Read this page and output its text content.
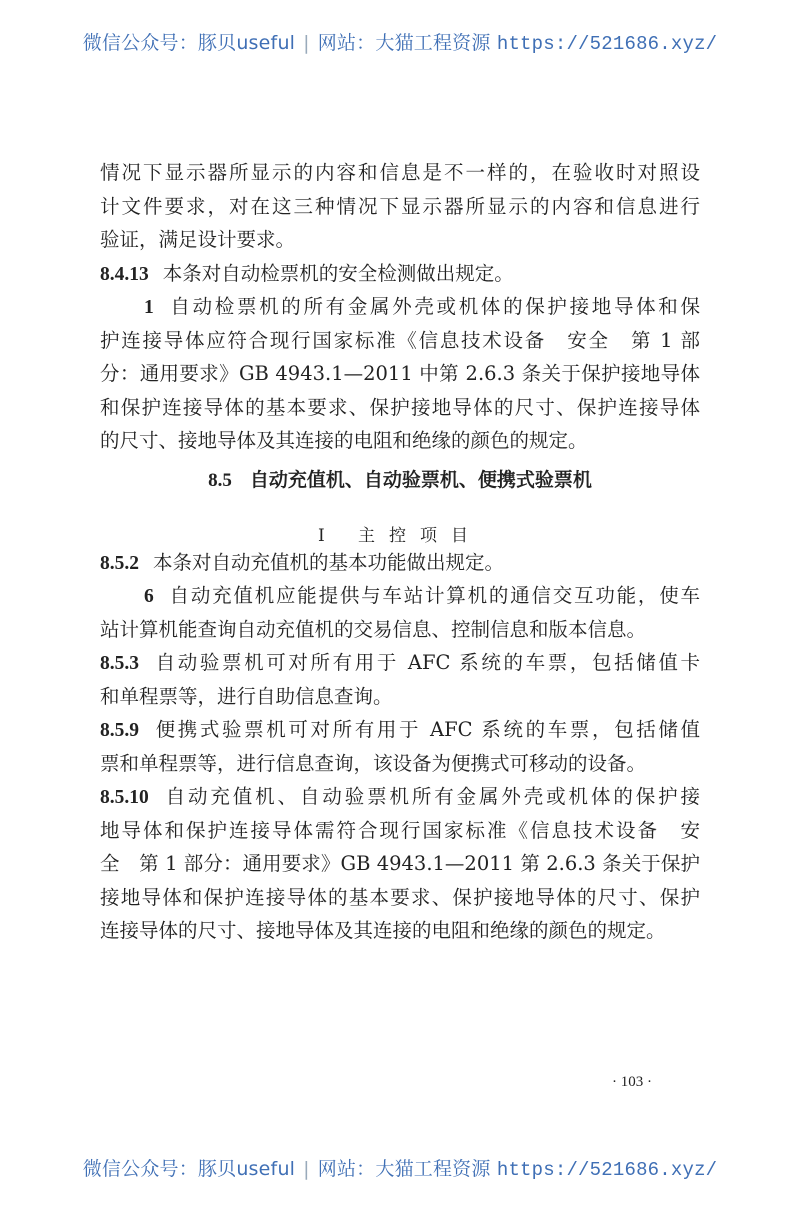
微信公众号：豚贝useful | 网站：大猫工程资源 https://521686.xyz/
情况下显示器所显示的内容和信息是不一样的，在验收时对照设
计文件要求，对在这三种情况下显示器所显示的内容和信息进行
验证，满足设计要求。
8.4.13 本条对自动检票机的安全检测做出规定。
1 自动检票机的所有金属外壳或机体的保护接地导体和保
护连接导体应符合现行国家标准《信息技术设备　安全　第 1 部
分：通用要求》GB 4943.1—2011 中第 2.6.3 条关于保护接地导体
和保护连接导体的基本要求、保护接地导体的尺寸、保护连接导体
的尺寸、接地导体及其连接的电阻和绝缘的颜色的规定。
8.5 自动充值机、自动验票机、便携式验票机
Ⅰ 主控项目
8.5.2 本条对自动充值机的基本功能做出规定。
6 自动充值机应能提供与车站计算机的通信交互功能，使车
站计算机能查询自动充值机的交易信息、控制信息和版本信息。
8.5.3 自动验票机可对所有用于 AFC 系统的车票，包括储值卡
和单程票等，进行自助信息查询。
8.5.9 便携式验票机可对所有用于 AFC 系统的车票，包括储值
票和单程票等，进行信息查询，该设备为便携式可移动的设备。
8.5.10 自动充值机、自动验票机所有金属外壳或机体的保护接
地导体和保护连接导体需符合现行国家标准《信息技术设备　安
全　第 1 部分：通用要求》GB 4943.1—2011 第 2.6.3 条关于保护
接地导体和保护连接导体的基本要求、保护接地导体的尺寸、保护
连接导体的尺寸、接地导体及其连接的电阻和绝缘的颜色的规定。
· 103 ·
微信公众号：豚贝useful | 网站：大猫工程资源 https://521686.xyz/
